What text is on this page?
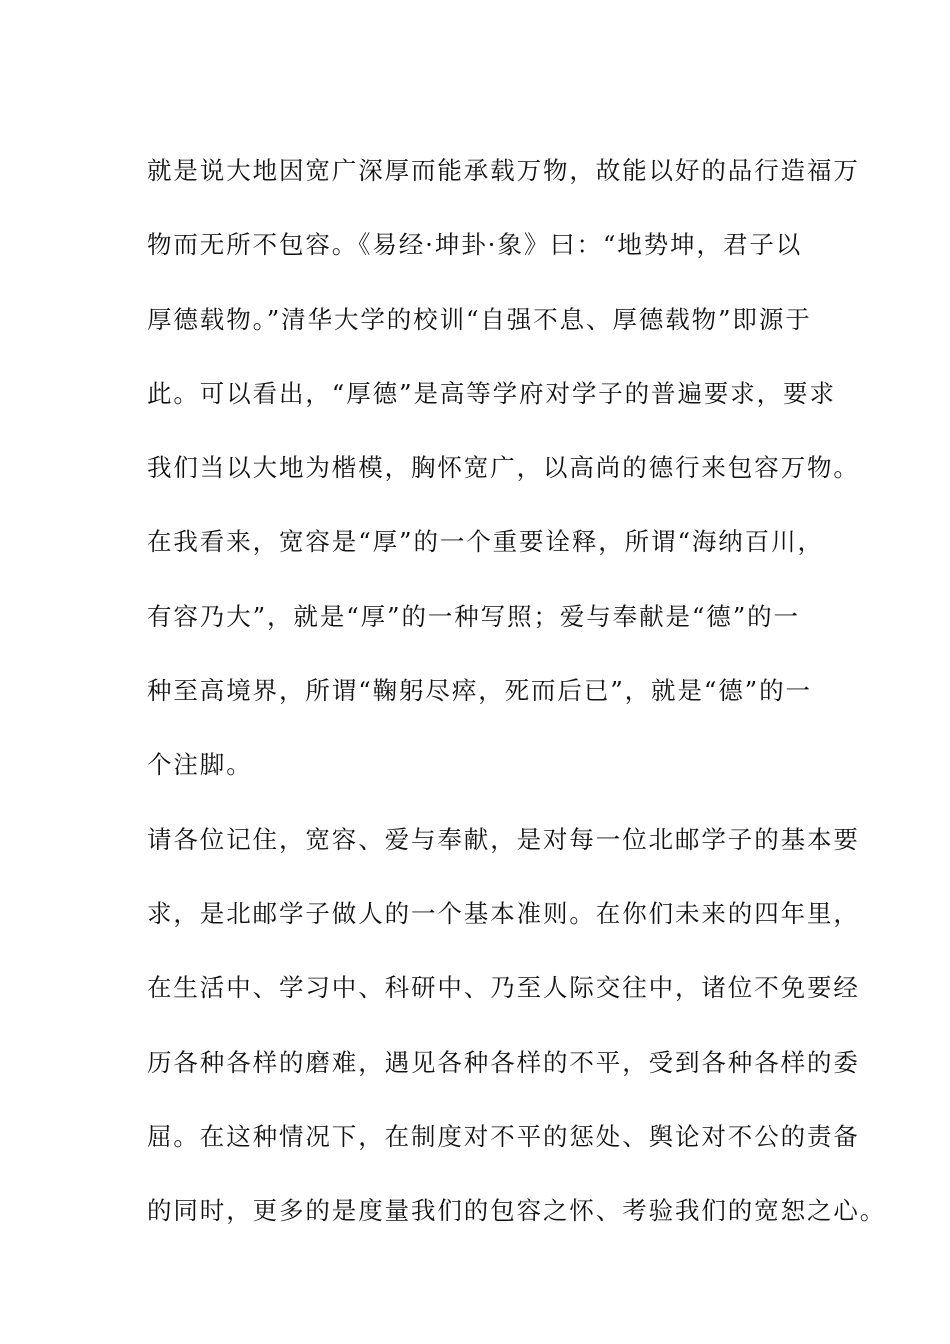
就是说大地因宽广深厚而能承载万物，故能以好的品行造福万
物而无所不包容。《易经·坤卦·象》曰：“地势坤，君子以
厚德载物。”清华大学的校训“自强不息、厚德载物”即源于
此。可以看出，“厚德”是高等学府对学子的普遍要求，要求
我们当以大地为楷模，胸怀宽广，以高尚的德行来包容万物。
在我看来，宽容是“厚”的一个重要诠释，所谓“海纳百川，
有容乃大”，就是“厚”的一种写照；爱与奉献是“德”的一
种至高境界，所谓“鞠躬尽瘁，死而后已”，就是“德”的一
个注脚。
请各位记住，宽容、爱与奉献，是对每一位北邮学子的基本要
求，是北邮学子做人的一个基本准则。在你们未来的四年里，
在生活中、学习中、科研中、乃至人际交往中，诸位不免要经
历各种各样的磨难，遇见各种各样的不平，受到各种各样的委
屈。在这种情况下，在制度对不平的惩处、舆论对不公的责备
的同时，更多的是度量我们的包容之怀、考验我们的宽恕之心。
